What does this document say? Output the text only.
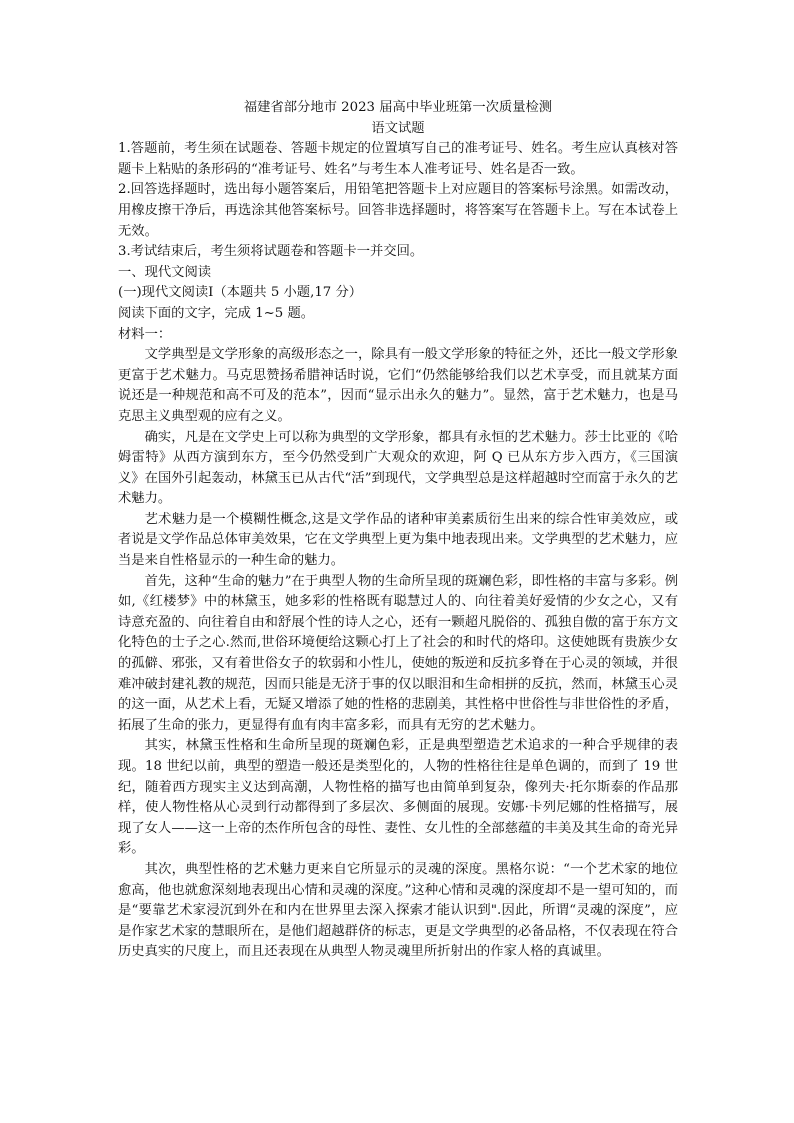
福建省部分地市 2023 届高中毕业班第一次质量检测

语文试题

1.答题前，考生须在试题卷、答题卡规定的位置填写自己的准考证号、姓名。考生应认真核对答题卡上粘贴的条形码的“准考证号、姓名”与考生本人准考证号、姓名是否一致。

2.回答选择题时，选出每小题答案后，用铅笔把答题卡上对应题目的答案标号涂黑。如需改动，用橡皮擦干净后，再选涂其他答案标号。回答非选择题时，将答案写在答题卡上。写在本试卷上无效。

3.考试结束后，考生须将试题卷和答题卡一并交回。

一、现代文阅读

(一)现代文阅读Ⅰ（本题共 5 小题,17 分）

阅读下面的文字，完成 1~5 题。

材料一：

文学典型是文学形象的高级形态之一，除具有一般文学形象的特征之外，还比一般文学形象更富于艺术魅力。马克思赞扬希腊神话时说，它们“仍然能够给我们以艺术享受，而且就某方面说还是一种规范和高不可及的范本”，因而“显示出永久的魅力”。显然，富于艺术魅力，也是马克思主义典型观的应有之义。

确实，凡是在文学史上可以称为典型的文学形象，都具有永恒的艺术魅力。莎士比亚的《哈姆雷特》从西方演到东方，至今仍然受到广大观众的欢迎，阿 Q 已从东方步入西方，《三国演义》在国外引起轰动，林黛玉已从古代“活”到现代，文学典型总是这样超越时空而富于永久的艺术魅力。

艺术魅力是一个模糊性概念,这是文学作品的诸种审美素质衍生出来的综合性审美效应，或者说是文学作品总体审美效果，它在文学典型上更为集中地表现出来。文学典型的艺术魅力，应当是来自性格显示的一种生命的魅力。

首先，这种“生命的魅力”在于典型人物的生命所呈现的斑斓色彩，即性格的丰富与多彩。例如,《红楼梦》中的林黛玉，她多彩的性格既有聪慧过人的、向往着美好爱情的少女之心，又有诗意充盈的、向往着自由和舒展个性的诗人之心，还有一颗超凡脱俗的、孤独自傲的富于东方文化特色的士子之心.然而,世俗环境便给这颗心打上了社会的和时代的烙印。这使她既有贵族少女的孤僻、邪张，又有着世俗女子的软弱和小性儿，使她的叛逆和反抗多脊在于心灵的领域，并很难冲破封建礼教的规范，因而只能是无济于事的仅以眼泪和生命相拼的反抗，然而，林黛玉心灵的这一面，从艺术上看，无疑又增添了她的性格的悲剧美，其性格中世俗性与非世俗性的矛盾，拓展了生命的张力，更显得有血有肉丰富多彩，而具有无穷的艺术魅力。

其实，林黛玉性格和生命所呈现的斑斓色彩，正是典型塑造艺术追求的一种合乎规律的表现。18 世纪以前，典型的塑造一般还是类型化的，人物的性格往往是单色调的，而到了 19 世纪，随着西方现实主义达到高潮，人物性格的描写也由简单到复杂，像列夫·托尔斯泰的作品那样，使人物性格从心灵到行动都得到了多层次、多侧面的展现。安娜·卡列尼娜的性格描写，展现了女人——这一上帝的杰作所包含的母性、妻性、女儿性的全部慈蕴的丰美及其生命的奇光异彩。

其次，典型性格的艺术魅力更来自它所显示的灵魂的深度。黑格尔说：“一个艺术家的地位愈高，他也就愈深刻地表现出心情和灵魂的深度。”这种心情和灵魂的深度却不是一望可知的，而是“要靠艺术家浸沉到外在和内在世界里去深入探索才能认识到".因此，所谓“灵魂的深度”，应是作家艺术家的慧眼所在，是他们超越群侪的标志，更是文学典型的必备品格，不仅表现在符合历史真实的尺度上，而且还表现在从典型人物灵魂里所折射出的作家人格的真诚里。
